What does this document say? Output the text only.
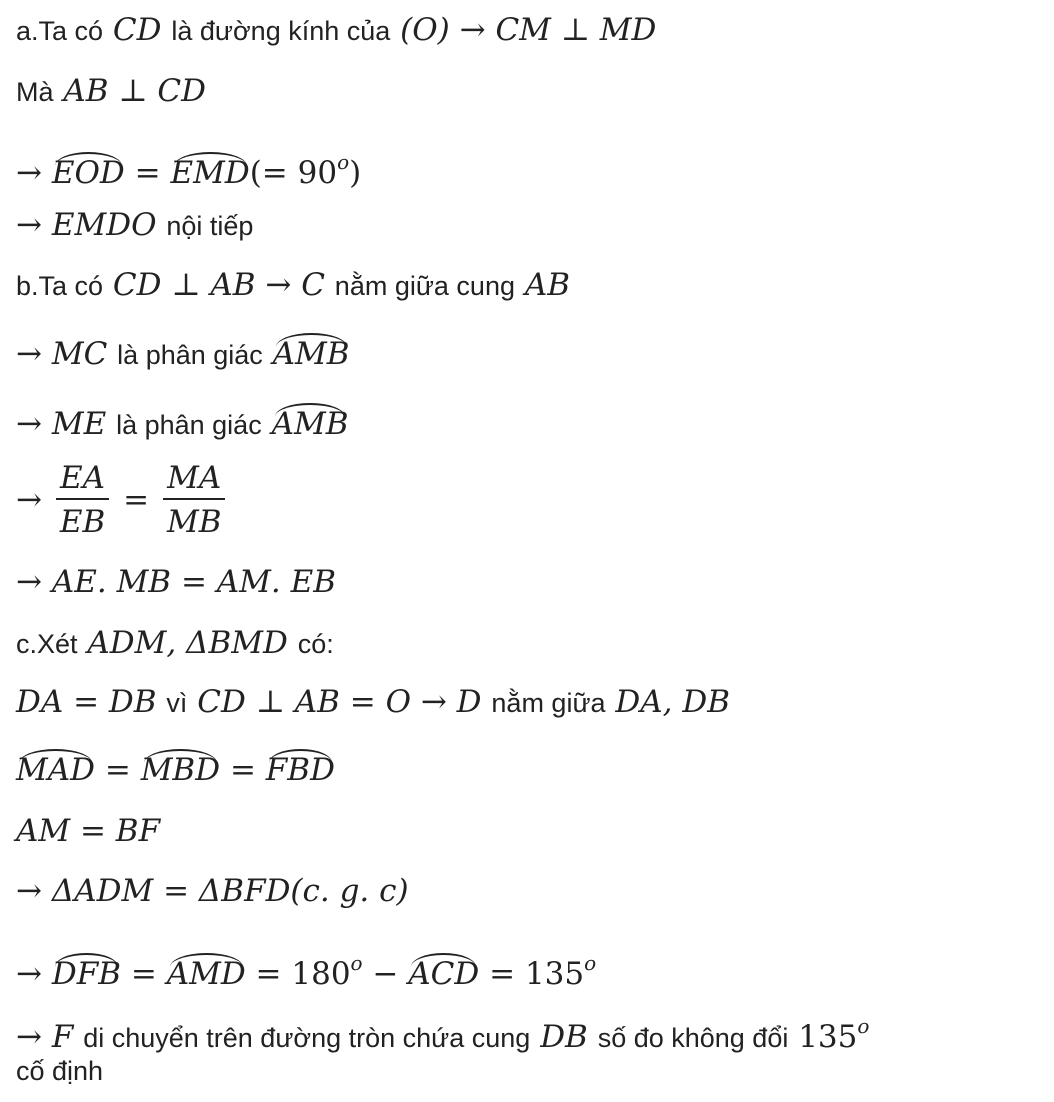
a.Ta có CD là đường kính của (O) → CM ⊥ MD
Mà AB ⊥ CD
→ EOD = $EMD(= 90^o)$
→ EMDO nội tiếp
b.Ta có CD ⊥ AB → C nằm giữa cung AB
→ MC là phân giác AMB
→ ME là phân giác AMB
→ $\frac{EA}{EB} = \frac{MA}{MB}$
→ AE. MB = AM. EB
c.Xét ADM, ΔBMD có:
DA = DB vì CD ⊥ AB = O → D nằm giữa DA, DB
MAD = MBD = FBD
AM = BF
→ ΔADM = ΔBFD(c. g. c)
→ DFB = AMD = $180^o$ − ACD = $135^o$
→ F di chuyển trên đường tròn chứa cung DB số đo không đổi 135$^o$
cố định
